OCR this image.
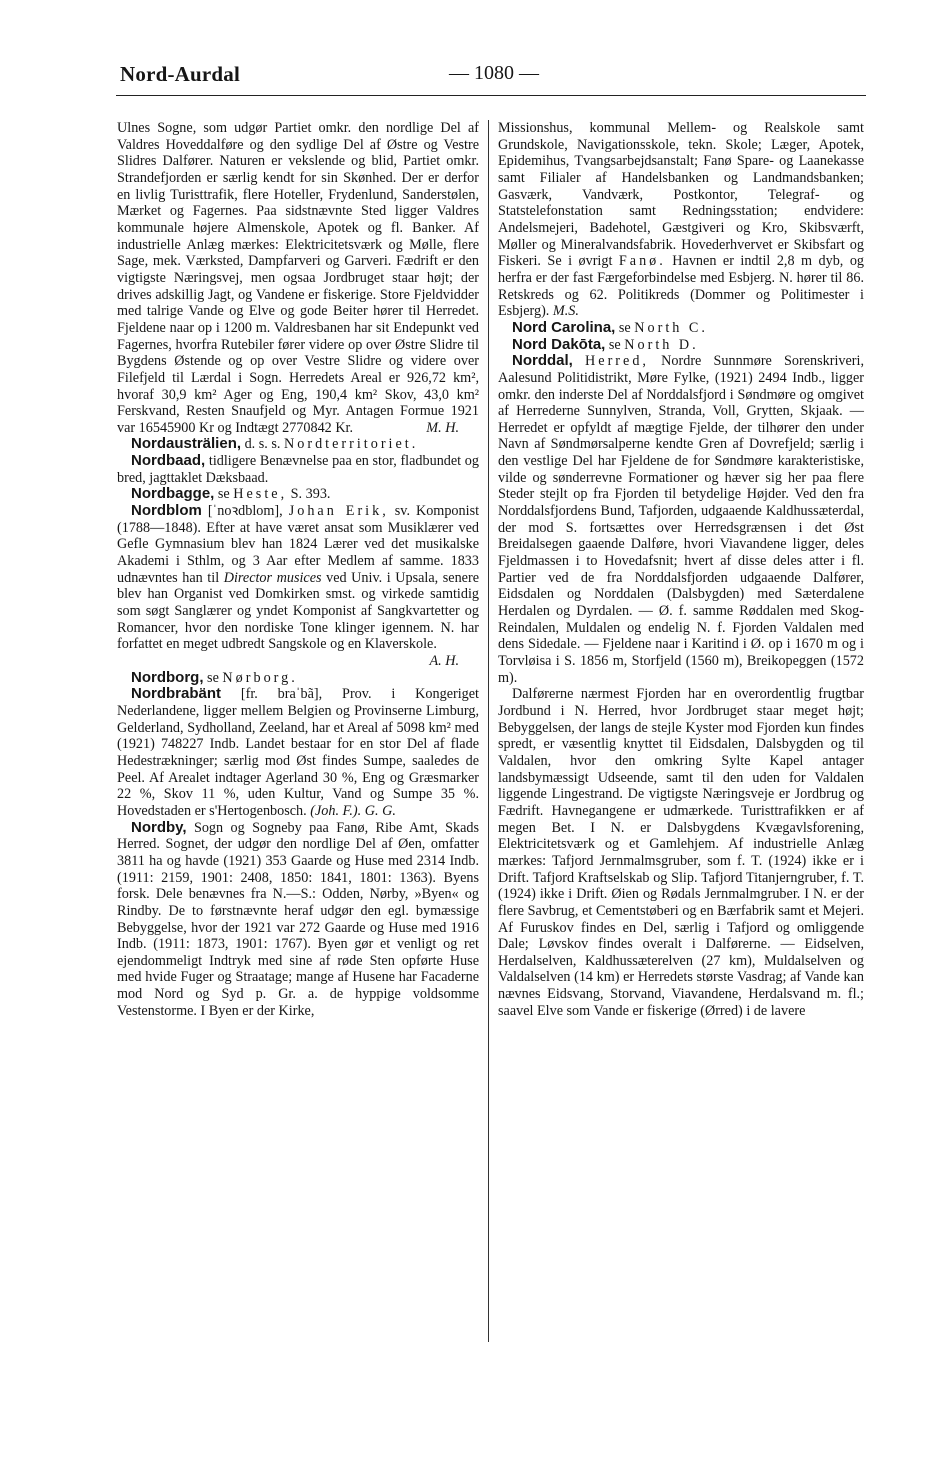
Nord-Aurdal	— 1080 —

Ulnes Sogne, som udgør Partiet omkr. den nordlige Del af Valdres Hoveddalføre og den sydlige Del af Østre og Vestre Slidres Dalfører. Naturen er vekslende og blid, Partiet omkr. Strandefjorden er særlig kendt for sin Skønhed. Der er derfor en livlig Turisttrafik, flere Hoteller, Frydenlund, Sanderstølen, Mærket og Fagernes. Paa sidstnævnte Sted ligger Valdres kommunale højere Almenskole, Apotek og fl. Banker. Af industrielle Anlæg mærkes: Elektricitetsværk og Mølle, flere Sage, mek. Værksted, Dampfarveri og Garveri. Fædrift er den vigtigste Næringsvej, men ogsaa Jordbruget staar højt; der drives adskillig Jagt, og Vandene er fiskerige. Store Fjeldvidder med talrige Vande og Elve og gode Beiter hører til Herredet. Fjeldene naar op i 1200 m. Valdresbanen har sit Endepunkt ved Fagernes, hvorfra Rutebiler fører videre op over Østre Slidre til Bygdens Østende og op over Vestre Slidre og videre over Filefjeld til Lærdal i Sogn. Herredets Areal er 926,72 km², hvoraf 30,9 km² Ager og Eng, 190,4 km² Skov, 43,0 km² Ferskvand, Resten Snaufjeld og Myr. Antagen Formue 1921 var 16545900 Kr og Indtægt 2770842 Kr.	M. H.

Nordausträlien, d. s. s. Nordterritoriet.

Nordbaad, tidligere Benævnelse paa en stor, fladbundet og bred, jagttaklet Dæksbaad.

Nordbagge, se Heste, S. 393.

Nordblom [ˈnoꝛdblom], Johan Erik, sv. Komponist (1788—1848). Efter at have været ansat som Musiklærer ved Gefle Gymnasium blev han 1824 Lærer ved det musikalske Akademi i Sthlm, og 3 Aar efter Medlem af samme. 1833 udnævntes han til Director musices ved Univ. i Upsala, senere blev han Organist ved Domkirken smst. og virkede samtidig som søgt Sanglærer og yndet Komponist af Sangkvartetter og Romancer, hvor den nordiske Tone klinger igennem. N. har forfattet en meget udbredt Sangskole og en Klaverskole.
A. H.

Nordborg, se Nørborg.

Nordbrabänt [fr. braˈbã], Prov. i Kongeriget Nederlandene, ligger mellem Belgien og Provinserne Limburg, Gelderland, Sydholland, Zeeland, har et Areal af 5098 km² med (1921) 748227 Indb. Landet bestaar for en stor Del af flade Hedestrækninger; særlig mod Øst findes Sumpe, saaledes de Peel. Af Arealet indtager Agerland 30 %, Eng og Græsmarker 22 %, Skov 11 %, uden Kultur, Vand og Sumpe 35 %. Hovedstaden er s'Hertogenbosch. (Joh. F.). G. G.

Nordby, Sogn og Sogneby paa Fanø, Ribe Amt, Skads Herred. Sognet, der udgør den nordlige Del af Øen, omfatter 3811 ha og havde (1921) 353 Gaarde og Huse med 2314 Indb. (1911: 2159, 1901: 2408, 1850: 1841, 1801: 1363). Byens forsk. Dele benævnes fra N.—S.: Odden, Nørby, »Byen« og Rindby. De to førstnævnte heraf udgør den egl. bymæssige Bebyggelse, hvor der 1921 var 272 Gaarde og Huse med 1916 Indb. (1911: 1873, 1901: 1767). Byen gør et venligt og ret ejendommeligt Indtryk med sine af røde Sten opførte Huse med hvide Fuger og Straatage; mange af Husene har Facaderne mod Nord og Syd p. Gr. a. de hyppige voldsomme Vestenstorme. I Byen er der Kirke,

Missionshus, kommunal Mellem- og Realskole samt Grundskole, Navigationsskole, tekn. Skole; Læger, Apotek, Epidemihus, Tvangsarbejdsanstalt; Fanø Spare- og Laanekasse samt Filialer af Handelsbanken og Landmandsbanken; Gasværk, Vandværk, Postkontor, Telegraf- og Statstelefonstation samt Redningsstation; endvidere: Andelsmejeri, Badehotel, Gæstgiveri og Kro, Skibsværft, Møller og Mineralvandsfabrik. Hovederhvervet er Skibsfart og Fiskeri. Se i øvrigt Fanø. Havnen er indtil 2,8 m dyb, og herfra er der fast Færgeforbindelse med Esbjerg. N. hører til 86. Retskreds og 62. Politikreds (Dommer og Politimester i Esbjerg). M.S.

Nord Carolina, se North C.

Nord Dakōta, se North D.

Norddal, Herred, Nordre Sunnmøre Sorenskriveri, Aalesund Politidistrikt, Møre Fylke, (1921) 2494 Indb., ligger omkr. den inderste Del af Norddalsfjord i Søndmøre og omgivet af Herrederne Sunnylven, Stranda, Voll, Grytten, Skjaak. — Herredet er opfyldt af mægtige Fjelde, der tilhører den under Navn af Søndmørsalperne kendte Gren af Dovrefjeld; særlig i den vestlige Del har Fjeldene de for Søndmøre karakteristiske, vilde og sønderrevne Formationer og hæver sig her paa flere Steder stejlt op fra Fjorden til betydelige Højder. Ved den fra Norddalsfjordens Bund, Tafjorden, udgaaende Kaldhussæterdal, der mod S. fortsættes over Herredsgrænsen i det Øst Breidalsegen gaaende Dalføre, hvori Viavandene ligger, deles Fjeldmassen i to Hovedafsnit; hvert af disse deles atter i fl. Partier ved de fra Norddalsfjorden udgaaende Dalfører, Eidsdalen og Norddalen (Dalsbygden) med Sæterdalene Herdalen og Dyrdalen. — Ø. f. samme Røddalen med Skog-Reindalen, Muldalen og endelig N. f. Fjorden Valdalen med dens Sidedale. — Fjeldene naar i Karitind i Ø. op i 1670 m og i Torvløisa i S. 1856 m, Storfjeld (1560 m), Breikopeggen (1572 m).

Dalførerne nærmest Fjorden har en overordentlig frugtbar Jordbund i N. Herred, hvor Jordbruget staar meget højt; Bebyggelsen, der langs de stejle Kyster mod Fjorden kun findes spredt, er væsentlig knyttet til Eidsdalen, Dalsbygden og til Valdalen, hvor den omkring Sylte Kapel antager landsbymæssigt Udseende, samt til den uden for Valdalen liggende Lingestrand. De vigtigste Næringsveje er Jordbrug og Fædrift. Havnegangene er udmærkede. Turisttrafikken er af megen Bet. I N. er Dalsbygdens Kvægavlsforening, Elektricitetsværk og et Gamlehjem. Af industrielle Anlæg mærkes: Tafjord Jernmalmsgruber, som f. T. (1924) ikke er i Drift. Tafjord Kraftselskab og Slip. Tafjord Titanjerngruber, f. T. (1924) ikke i Drift. Øien og Rødals Jernmalmgruber. I N. er der flere Savbrug, et Cementstøberi og en Bærfabrik samt et Mejeri. Af Furuskov findes en Del, særlig i Tafjord og omliggende Dale; Løvskov findes overalt i Dalførerne. — Eidselven, Herdalselven, Kaldhussæterelven (27 km), Muldalselven og Valdalselven (14 km) er Herredets største Vasdrag; af Vande kan nævnes Eidsvang, Storvand, Viavandene, Herdalsvand m. fl.; saavel Elve som Vande er fiskerige (Ørred) i de lavere
